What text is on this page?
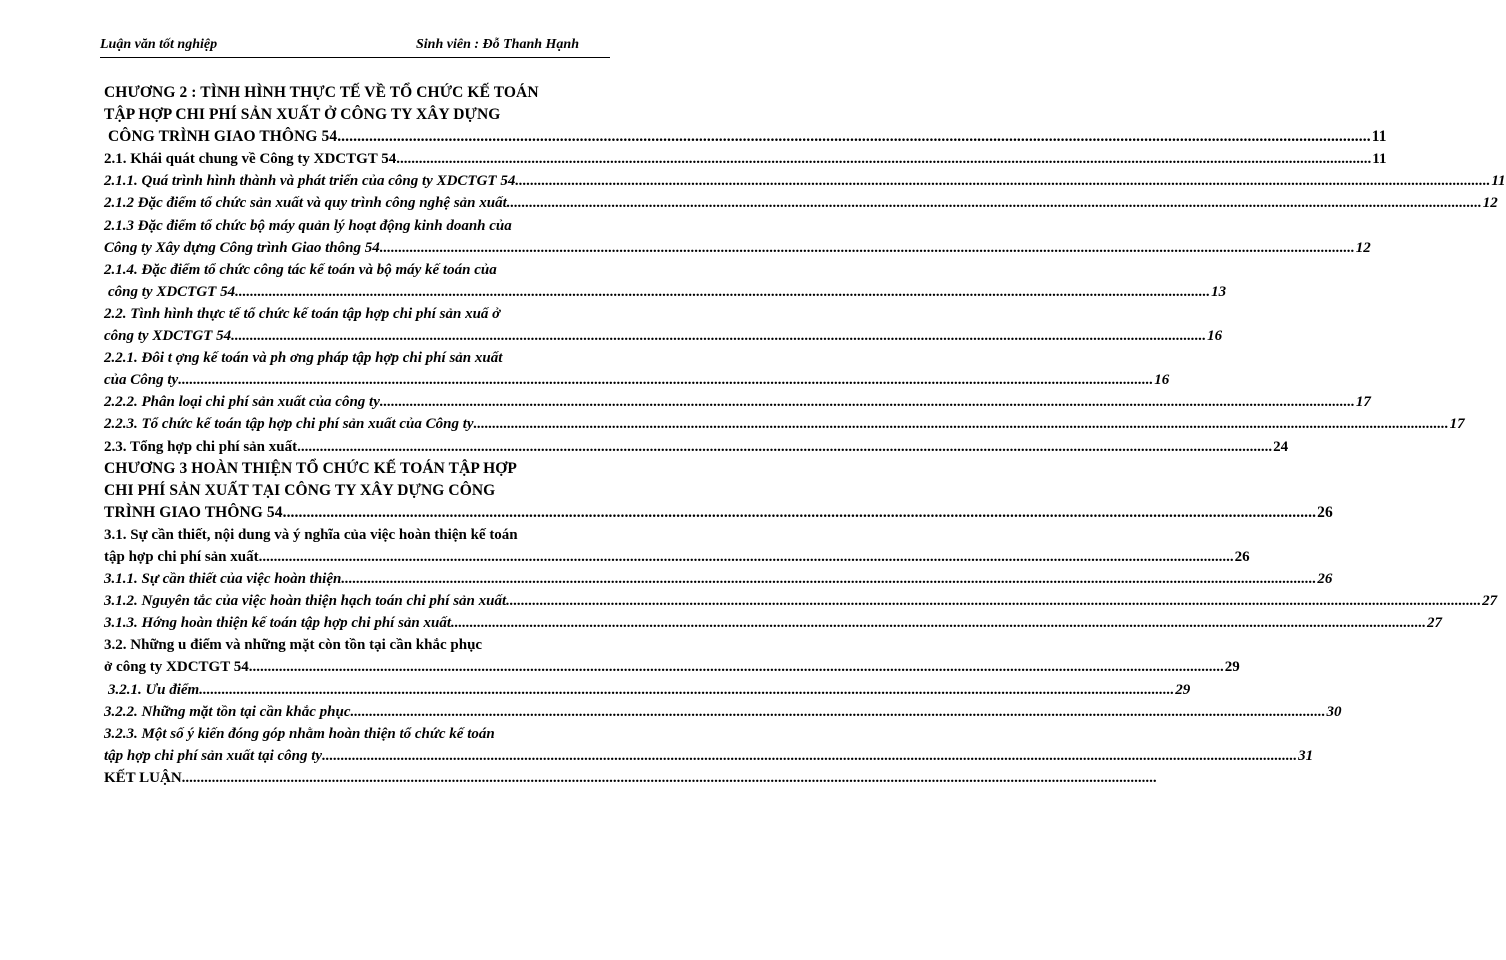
Luận văn tốt nghiệp	Sinh viên : Đỗ Thanh Hạnh
CHƯƠNG 2 : TÌNH HÌNH THỰC TẾ VỀ TỔ CHỨC KẾ TOÁN
TẬP HỢP CHI PHÍ SẢN XUẤT Ở CÔNG TY XÂY DỰNG
CÔNG TRÌNH GIAO THÔNG 54 .................................................................................................................................................................................................................................................................... 11
2.1. Khái quát chung về Công ty XDCTGT 54 .................................................................................................................................................................................................................................................................... 11
2.1.1. Quá trình hình thành và phát triển của công ty XDCTGT 54 .................................................................................................................................................................................................................................................................... 11
2.1.2 Đặc điểm tổ chức sản xuất và quy trình công nghệ sản xuất .................................................................................................................................................................................................................................................................... 12
2.1.3 Đặc điểm tổ chức bộ máy quản lý hoạt động kinh doanh của
Công ty Xây dựng Công trình Giao thông 54 .................................................................................................................................................................................................................................................................... 12
2.1.4. Đặc điểm tổ chức công tác kế toán và bộ máy kế toán của
công ty XDCTGT 54 .................................................................................................................................................................................................................................................................... 13
2.2. Tình hình thực tế tổ chức kế toán tập hợp chi phí sản xuấ ở
công ty XDCTGT 54 .................................................................................................................................................................................................................................................................... 16
2.2.1. Đôi t ợng kế toán và ph ơng pháp tập hợp chi phí sản xuất
của Công ty .................................................................................................................................................................................................................................................................... 16
2.2.2. Phân loại chi phí sản xuất của công ty .................................................................................................................................................................................................................................................................... 17
2.2.3. Tổ chức kế toán tập hợp chi phí sản xuất của Công ty .................................................................................................................................................................................................................................................................... 17
2.3. Tổng hợp chi phí sản xuất .................................................................................................................................................................................................................................................................... 24
CHƯƠNG 3 HOÀN THIỆN TỔ CHỨC KẾ TOÁN TẬP HỢP
CHI PHÍ SẢN XUẤT TẠI CÔNG TY XÂY DỰNG CÔNG
TRÌNH GIAO THÔNG 54 .................................................................................................................................................................................................................................................................... 26
3.1. Sự cần thiết, nội dung và ý nghĩa của việc hoàn thiện kế toán
tập hợp chi phí sản xuất .................................................................................................................................................................................................................................................................... 26
3.1.1. Sự cần thiết của việc hoàn thiện .................................................................................................................................................................................................................................................................... 26
3.1.2. Nguyên tắc của việc hoàn thiện hạch toán chi phí sản xuất .................................................................................................................................................................................................................................................................... 27
3.1.3. Hớng hoàn thiện kế toán tập hợp chi phí sản xuất .................................................................................................................................................................................................................................................................... 27
3.2. Những u điểm và những mặt còn tồn tại cần khắc phục
ở công ty XDCTGT 54 .................................................................................................................................................................................................................................................................... 29
3.2.1. Ưu điểm .................................................................................................................................................................................................................................................................... 29
3.2.2. Những mặt tồn tại cần khắc phục .................................................................................................................................................................................................................................................................... 30
3.2.3. Một số ý kiến đóng góp nhằm hoàn thiện tổ chức kế toán
tập hợp chi phí sản xuất tại công ty .................................................................................................................................................................................................................................................................... 31
KẾT LUẬN ....................................................................................................................................................................................................................................................................
